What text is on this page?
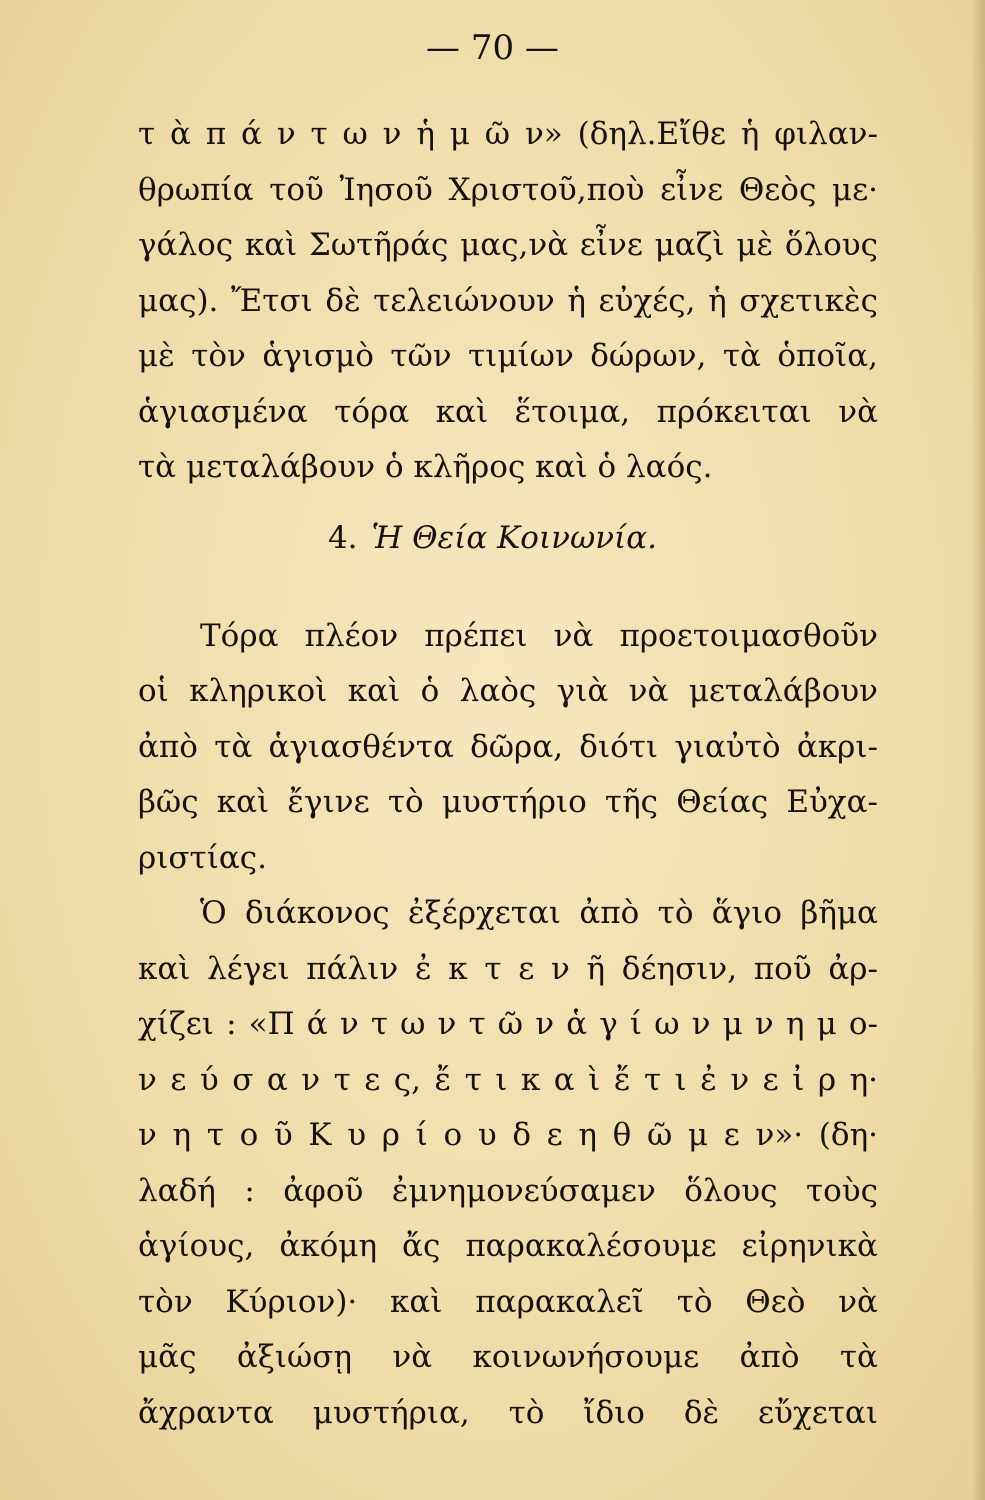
— 70 —
τ ὰ π ά ν τ ω ν ἡ μ ῶ ν» (δηλ.Εἴθε ἡ φιλαν-
θρωπία τοῦ Ἰησοῦ Χριστοῦ,ποὺ εἶνε Θεὸς με·
γάλος καὶ Σωτῆράς μας,νὰ εἶνε μαζὶ μὲ ὅλους
μας). Ἔτσι δὲ τελειώνουν ἡ εὐχές, ἡ σχετικὲς
μὲ τὸν ἁγισμὸ τῶν τιμίων δώρων, τὰ ὁποῖα,
ἁγιασμένα τόρα καὶ ἕτοιμα, πρόκειται νὰ
τὰ μεταλάβουν ὁ κλῆρος καὶ ὁ λαός.
4. Ἡ Θεία Κοινωνία.
Τόρα πλέον πρέπει νὰ προετοιμασθοῦν
οἱ κληρικοὶ καὶ ὁ λαὸς γιὰ νὰ μεταλάβουν
ἀπὸ τὰ ἁγιασθέντα δῶρα, διότι γιαὐτὸ ἀκρι-
βῶς καὶ ἔγινε τὸ μυστήριο τῆς Θείας Εὐχα-
ριστίας.
Ὁ διάκονος ἐξέρχεται ἀπὸ τὸ ἅγιο βῆμα
καὶ λέγει πάλιν ἐ κ τ ε ν ῆ δέησιν, ποῦ ἀρ-
χίζει : «Π ά ν τ ω ν τ ῶ ν ἁ γ ί ω ν μ ν η μ ο-
ν ε ύ σ α ν τ ε ς, ἔ τ ι κ α ὶ ἔ τ ι ἐ ν ε ἰ ρ η·
ν η τ ο ῦ Κ υ ρ ί ο υ δ ε η θ ῶ μ ε ν»· (δη·
λαδή : ἀφοῦ ἐμνημονεύσαμεν ὅλους τοὺς
ἁγίους, ἀκόμη ἄς παρακαλέσουμε εἰρηνικὰ
τὸν Κύριον)· καὶ παρακαλεῖ τὸ Θεὸ νὰ
μᾶς ἀξιώσῃ νὰ κοινωνήσουμε ἀπὸ τὰ
ἄχραντα μυστήρια, τὸ ἴδιο δὲ εὔχεται
